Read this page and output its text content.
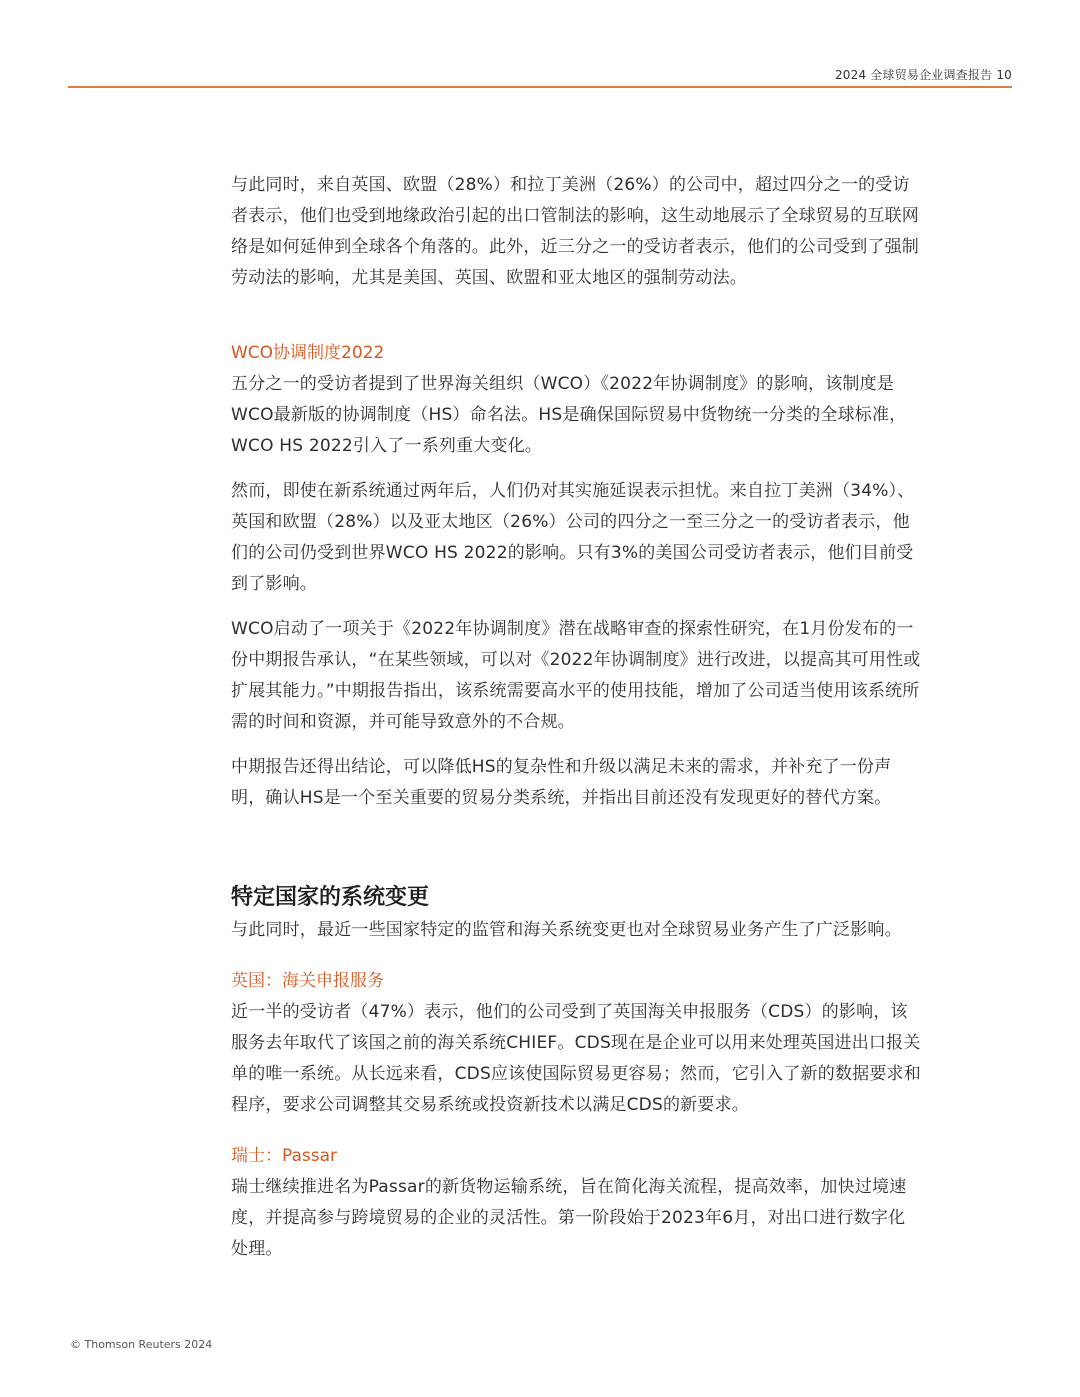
2024 全球贸易企业调查报告 10

与此同时，来自英国、欧盟（28%）和拉丁美洲（26%）的公司中，超过四分之一的受访者表示，他们也受到地缘政治引起的出口管制法的影响，这生动地展示了全球贸易的互联网络是如何延伸到全球各个角落的。此外，近三分之一的受访者表示，他们的公司受到了强制劳动法的影响，尤其是美国、英国、欧盟和亚太地区的强制劳动法。

WCO协调制度2022

五分之一的受访者提到了世界海关组织（WCO）《2022年协调制度》的影响，该制度是WCO最新版的协调制度（HS）命名法。HS是确保国际贸易中货物统一分类的全球标准，WCO HS 2022引入了一系列重大变化。

然而，即使在新系统通过两年后，人们仍对其实施延误表示担忧。来自拉丁美洲（34%）、英国和欧盟（28%）以及亚太地区（26%）公司的四分之一至三分之一的受访者表示，他们的公司仍受到世界WCO HS 2022的影响。只有3%的美国公司受访者表示，他们目前受到了影响。

WCO启动了一项关于《2022年协调制度》潜在战略审查的探索性研究，在1月份发布的一份中期报告承认，“在某些领域，可以对《2022年协调制度》进行改进，以提高其可用性或扩展其能力。”中期报告指出，该系统需要高水平的使用技能，增加了公司适当使用该系统所需的时间和资源，并可能导致意外的不合规。

中期报告还得出结论，可以降低HS的复杂性和升级以满足未来的需求，并补充了一份声明，确认HS是一个至关重要的贸易分类系统，并指出目前还没有发现更好的替代方案。

特定国家的系统变更

与此同时，最近一些国家特定的监管和海关系统变更也对全球贸易业务产生了广泛影响。

英国：海关申报服务

近一半的受访者（47%）表示，他们的公司受到了英国海关申报服务（CDS）的影响，该服务去年取代了该国之前的海关系统CHIEF。CDS现在是企业可以用来处理英国进出口报关单的唯一系统。从长远来看，CDS应该使国际贸易更容易；然而，它引入了新的数据要求和程序，要求公司调整其交易系统或投资新技术以满足CDS的新要求。

瑞士：Passar

瑞士继续推进名为Passar的新货物运输系统，旨在简化海关流程，提高效率，加快过境速度，并提高参与跨境贸易的企业的灵活性。第一阶段始于2023年6月，对出口进行数字化处理。

© Thomson Reuters 2024
